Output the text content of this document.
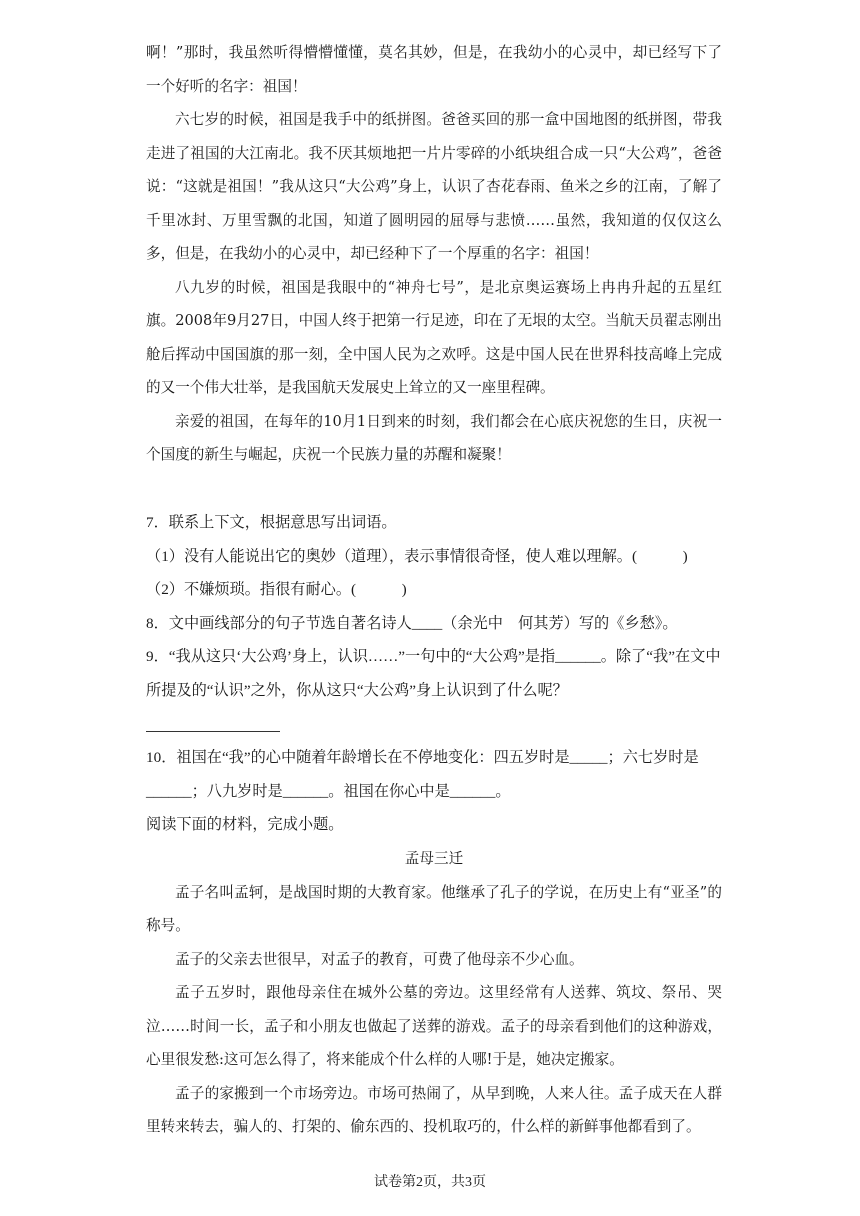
啊！”那时，我虽然听得懵懵懂懂，莫名其妙，但是，在我幼小的心灵中，却已经写下了一个好听的名字：祖国！

六七岁的时候，祖国是我手中的纸拼图。爸爸买回的那一盒中国地图的纸拼图，带我走进了祖国的大江南北。我不厌其烦地把一片片零碎的小纸块组合成一只“大公鸡”，爸爸说：“这就是祖国！”我从这只“大公鸡”身上，认识了杏花春雨、鱼米之乡的江南，了解了千里冰封、万里雪飘的北国，知道了圆明园的屈辱与悲愤……虽然，我知道的仅仅这么多，但是，在我幼小的心灵中，却已经种下了一个厚重的名字：祖国！

八九岁的时候，祖国是我眼中的“神舟七号”，是北京奥运赛场上冉冉升起的五星红旗。2008年9月27日，中国人终于把第一行足迹，印在了无垠的太空。当航天员翟志刚出舱后挥动中国国旗的那一刻，全中国人民为之欢呼。这是中国人民在世界科技高峰上完成的又一个伟大壮举，是我国航天发展史上耸立的又一座里程碑。

亲爱的祖国，在每年的10月1日到来的时刻，我们都会在心底庆祝您的生日，庆祝一个国度的新生与崛起，庆祝一个民族力量的苏醒和凝聚！

7．联系上下文，根据意思写出词语。

（1）没有人能说出它的奥妙（道理），表示事情很奇怪，使人难以理解。(　　　)

（2）不嫌烦琐。指很有耐心。(　　　)

8．文中画线部分的句子节选自著名诗人____（余光中　何其芳）写的《乡愁》。

9．“我从这只‘大公鸡’身上，认识……”一句中的“大公鸡”是指______。除了“我”在文中所提及的“认识”之外，你从这只“大公鸡”身上认识到了什么呢？

10．祖国在“我”的心中随着年龄增长在不停地变化：四五岁时是_____；六七岁时是______；八九岁时是______。祖国在你心中是______。

阅读下面的材料，完成小题。

孟母三迁

孟子名叫孟轲，是战国时期的大教育家。他继承了孔子的学说，在历史上有“亚圣”的称号。

孟子的父亲去世很早，对孟子的教育，可费了他母亲不少心血。

孟子五岁时，跟他母亲住在城外公墓的旁边。这里经常有人送葬、筑坟、祭吊、哭泣……时间一长，孟子和小朋友也做起了送葬的游戏。孟子的母亲看到他们的这种游戏，心里很发愁:这可怎么得了，将来能成个什么样的人哪!于是，她决定搬家。

孟子的家搬到一个市场旁边。市场可热闹了，从早到晚，人来人往。孟子成天在人群里转来转去，骗人的、打架的、偷东西的、投机取巧的，什么样的新鲜事他都看到了。

试卷第2页，共3页
